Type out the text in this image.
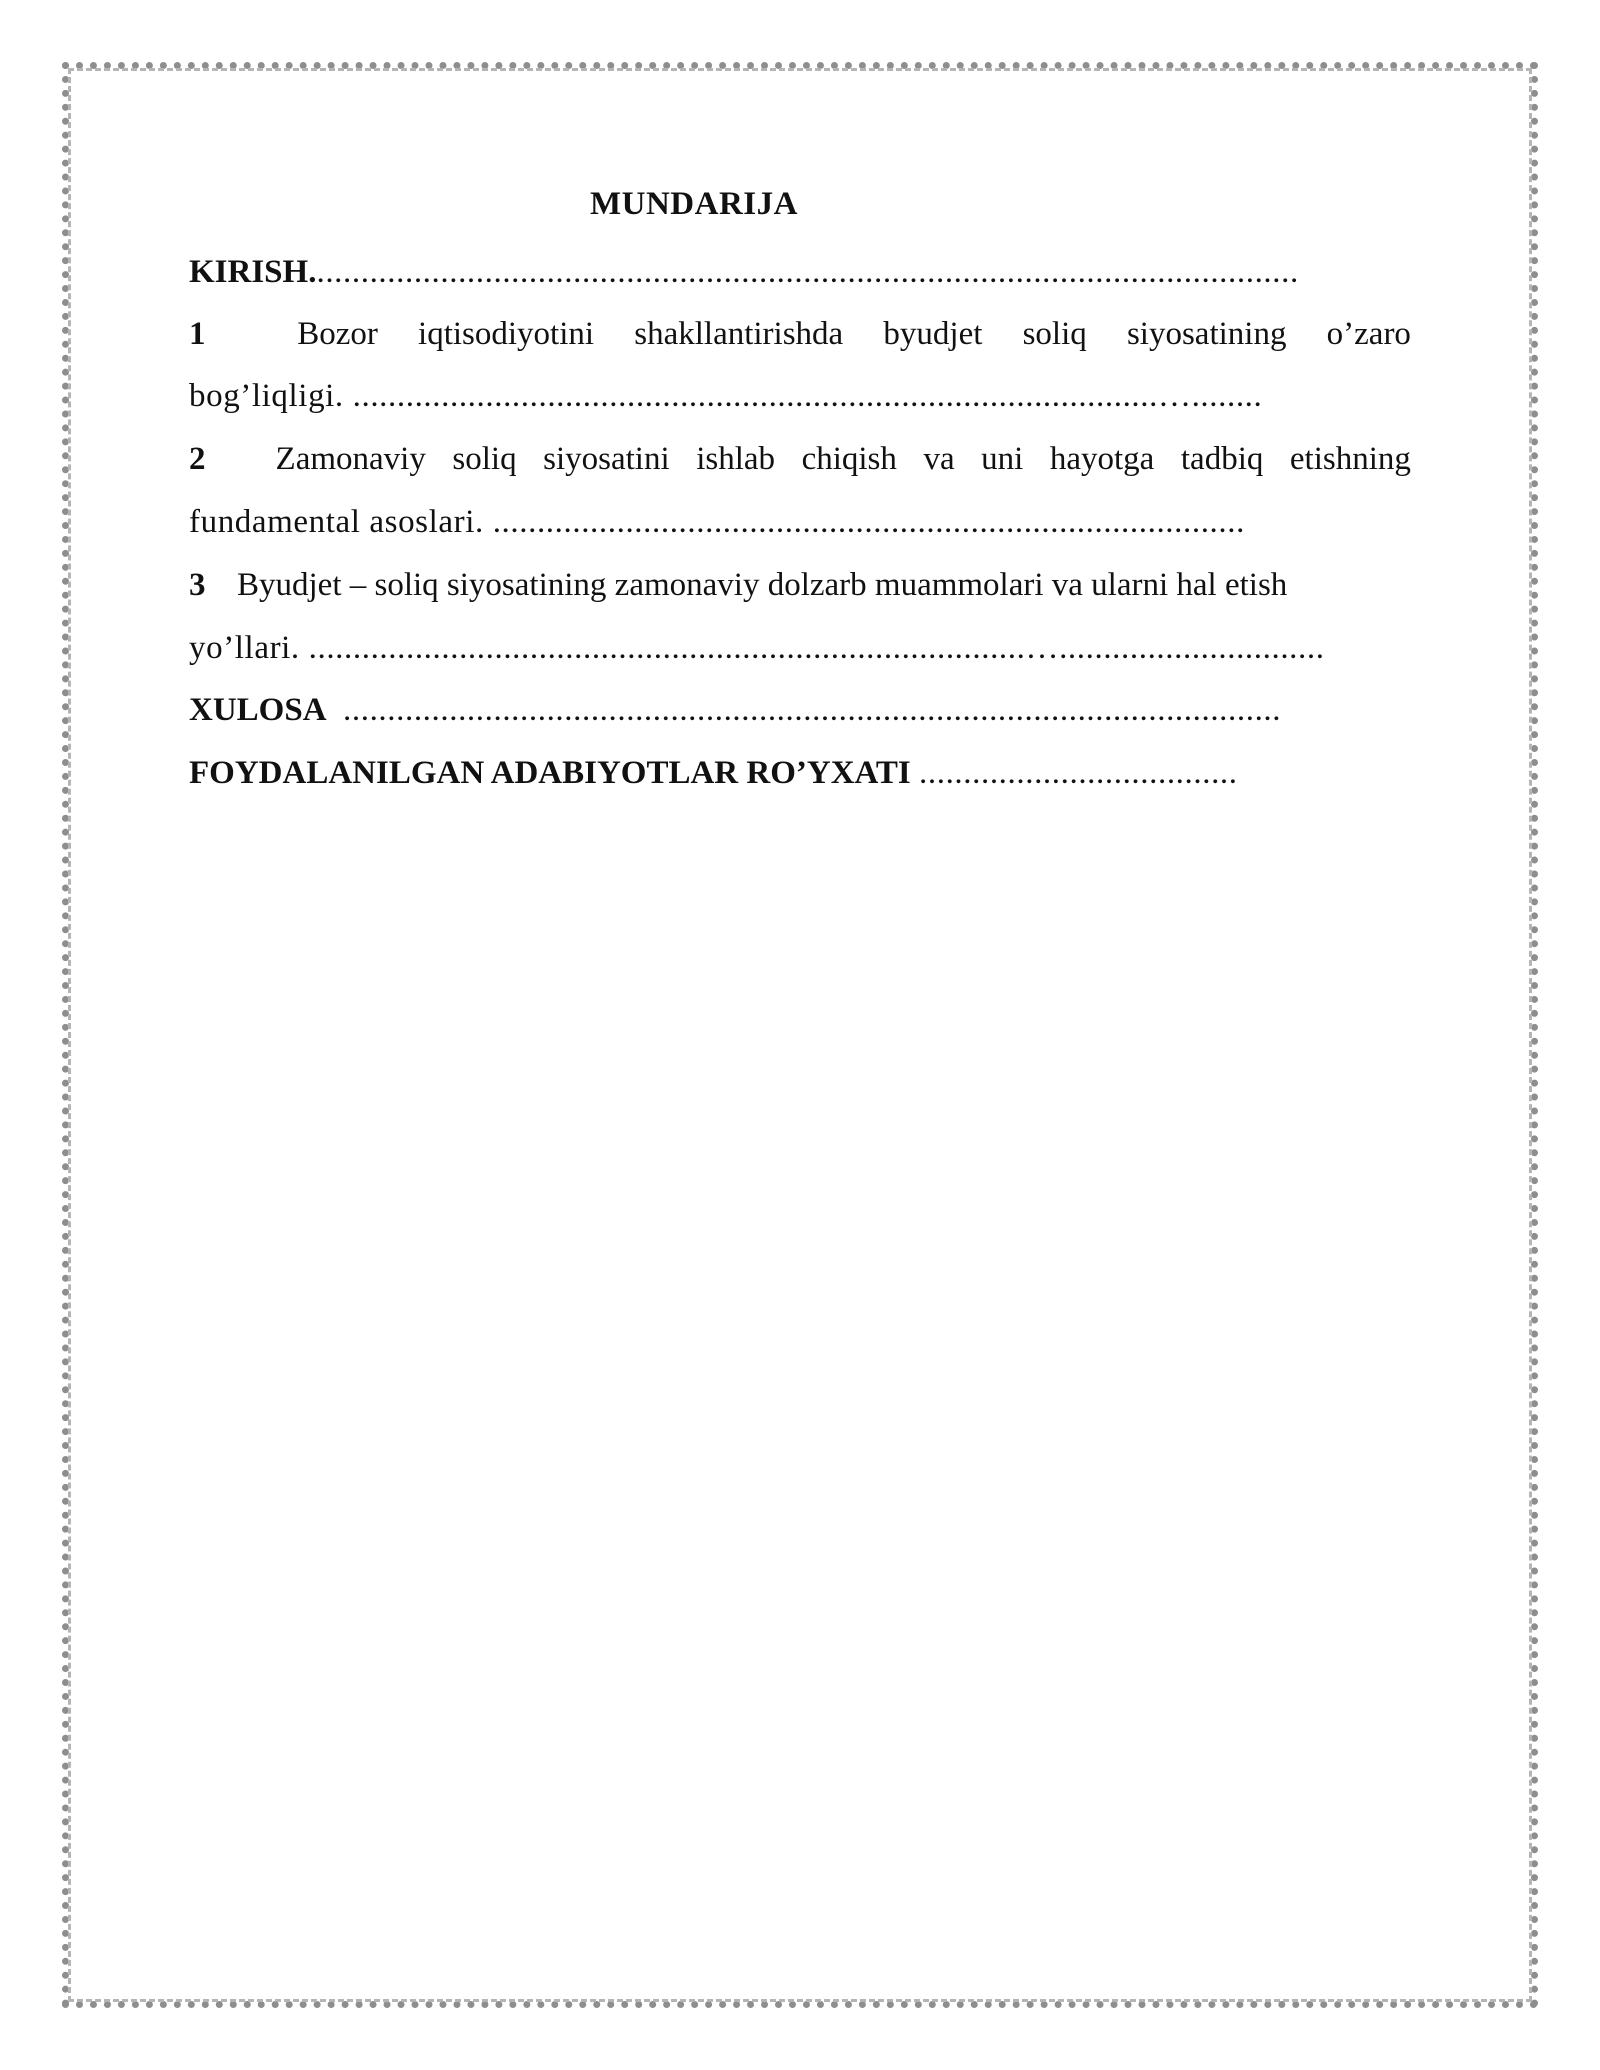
MUNDARIJA
KIRISH................................................................................................................
1	Bozor iqtisodiyotini shakllantirishda byudjet soliq siyosatining o’zaro
bog’liqligi. ...........................................................................................…........
2	Zamonaviy soliq siyosatini ishlab chiqish va uni hayotga tadbiq etishning
fundamental asoslari. .....................................................................................
3 Byudjet – soliq siyosatining zamonaviy dolzarb muammolari va ularni hal etish
yo’llari. .................................................................................…..............................
XULOSA ..........................................................................................................
FOYDALANILGAN ADABIYOTLAR RO’YXATI ....................................
